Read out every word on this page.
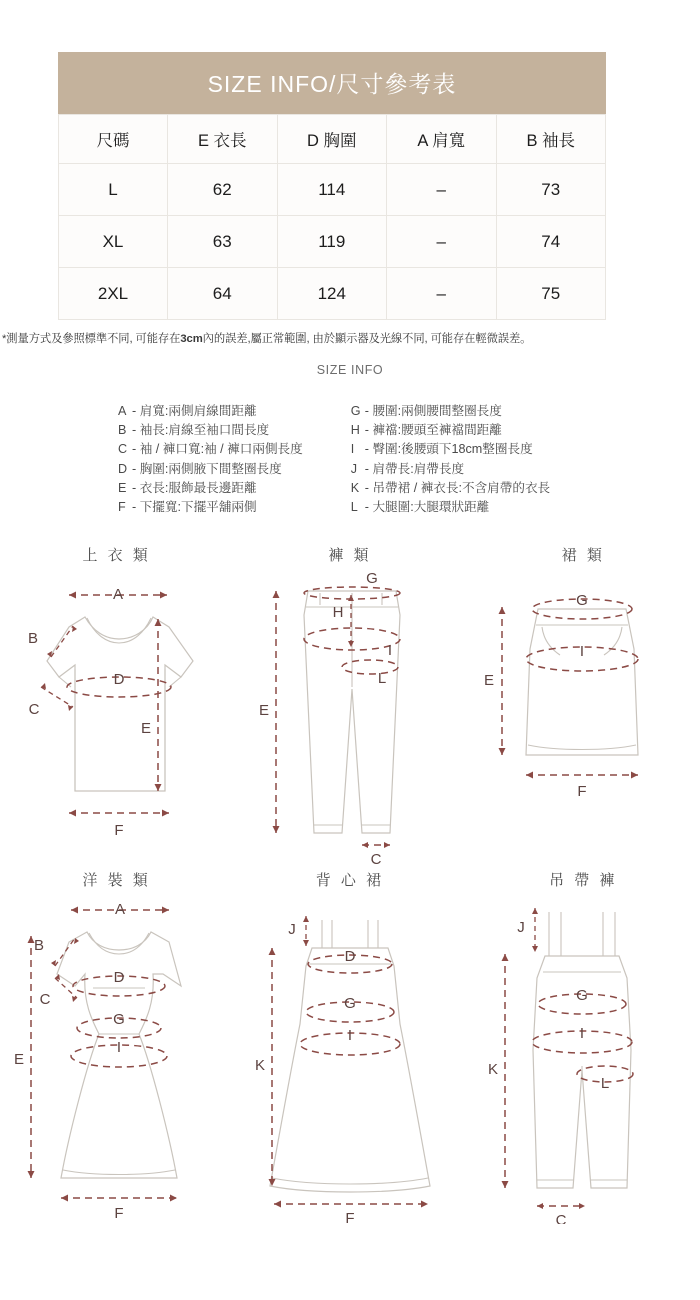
SIZE INFO/尺寸參考表
尺碼	E 衣長	D 胸圍	A 肩寬	B 袖長
L	62	114	–	73
XL	63	119	–	74
2XL	64	124	–	75
*測量方式及參照標準不同, 可能存在3cm內的誤差,屬正常範圍, 由於顯示器及光線不同, 可能存在輕微誤差。
SIZE INFO
A - 肩寬:兩側肩線間距離
B - 袖長:肩線至袖口間長度
C - 袖 / 褲口寬:袖 / 褲口兩側長度
D - 胸圍:兩側腋下間整圈長度
E - 衣長:服飾最長邊距離
F - 下擺寬:下擺平舖兩側
G - 腰圍:兩側腰間整圈長度
H - 褲襠:腰頭至褲襠間距離
I - 臀圍:後腰頭下18cm整圈長度
J - 肩帶長:肩帶長度
K - 吊帶裙 / 褲衣長:不含肩帶的衣長
L - 大腿圍:大腿環狀距離
上 衣 類
A
B
C
D
E
F
褲 類
G
H
I
L
E
C
裙 類
G
I
E
F
洋 裝 類
A
B
C
D
G
I
E
F
背 心 裙
J
D
G
I
K
F
吊 帶 褲
J
G
I
L
K
C
